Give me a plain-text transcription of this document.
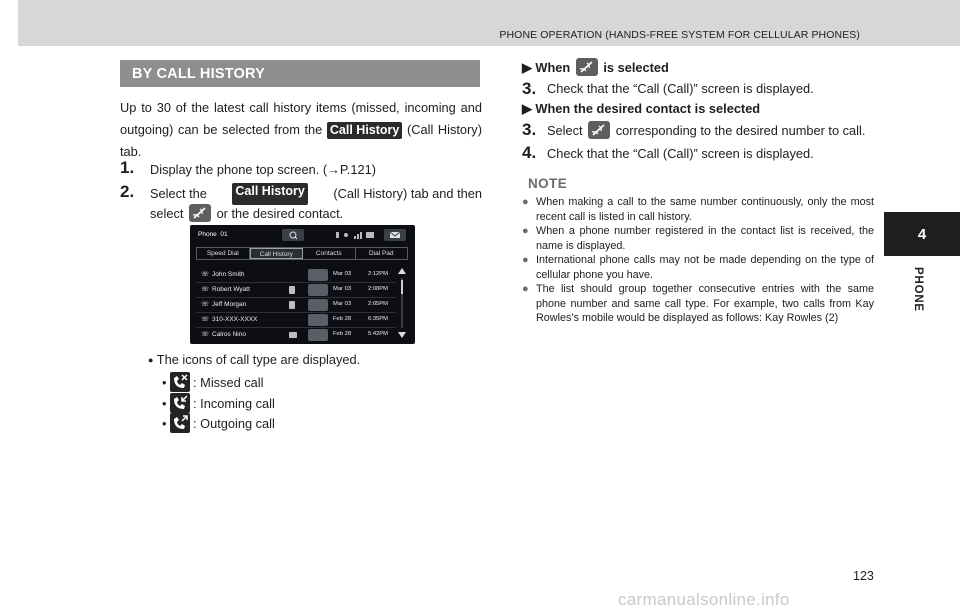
PHONE OPERATION (HANDS-FREE SYSTEM FOR CELLULAR PHONES)
4
PHONE
BY CALL HISTORY
Up to 30 of the latest call history items (missed, incoming and outgoing) can be selected from the Call History (Call History) tab.
1. Display the phone top screen. (→P.121)
2. Select the Call History (Call History) tab and then
select	or the desired contact.
Phone 01
Speed Dial	Call History	Contacts	Dial Pad
☏ John Smith	Mar 03	2:12PM
☏ Robert Wyatt	Mar 03	2:08PM
☏ Jeff Morgan	Mar 03	2:05PM
☏ 310-XXX-XXXX	Feb 28	6:35PM
☏ Calros Nino	Feb 28	5:42PM
● The icons of call type are displayed.
• : Missed call
• : Incoming call
• : Outgoing call
▶ When	is selected
3. Check that the “Call (Call)” screen is displayed.
▶ When the desired contact is selected
3. Select	corresponding to the desired number to call.
4. Check that the “Call (Call)” screen is displayed.
NOTE
● When making a call to the same number continuously, only the most recent call is listed in call history.
● When a phone number registered in the contact list is received, the name is displayed.
● International phone calls may not be made depending on the type of cellular phone you have.
● The list should group together consecutive entries with the same phone number and same call type. For example, two calls from Kay Rowles’s mobile would be displayed as follows: Kay Rowles (2)
123
carmanualsonline.info
